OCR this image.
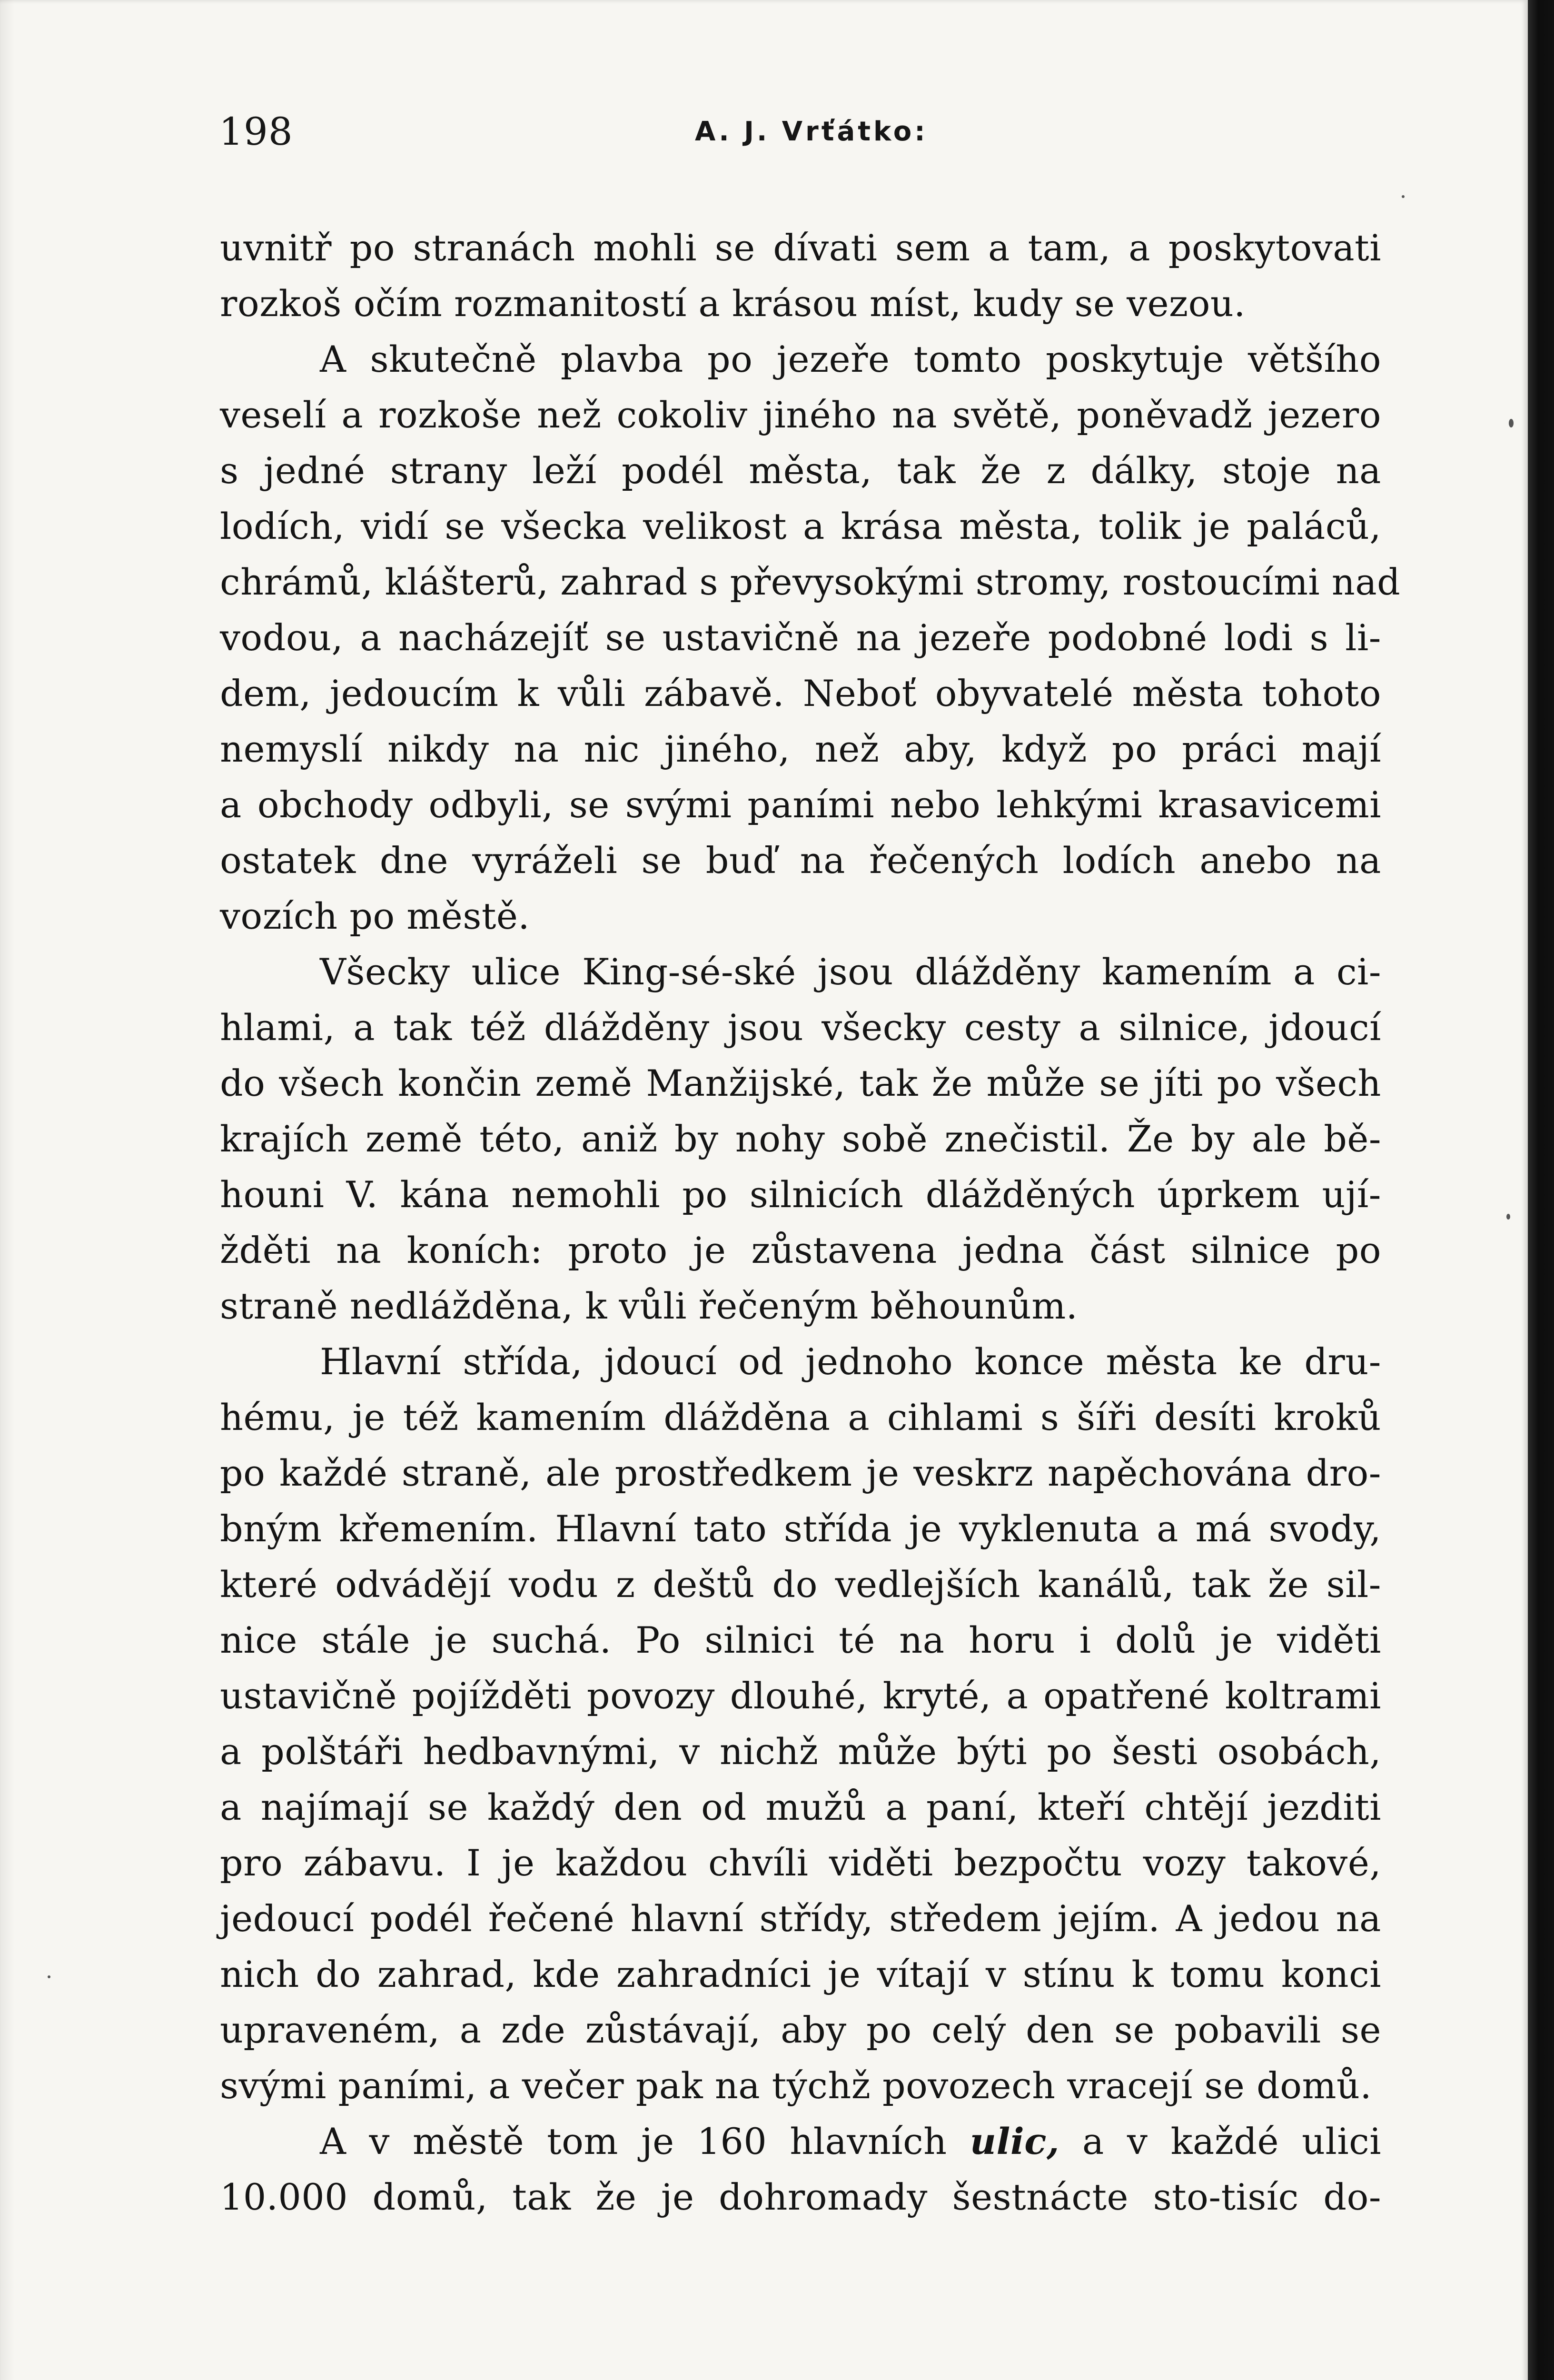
198	A. J. Vrťátko:
uvnitř po stranách mohli se dívati sem a tam, a poskytovati
rozkoš očím rozmanitostí a krásou míst, kudy se vezou.
A skutečně plavba po jezeře tomto poskytuje většího
veselí a rozkoše než cokoliv jiného na světě, poněvadž jezero
s jedné strany leží podél města, tak že z dálky, stoje na
lodích, vidí se všecka velikost a krása města, tolik je paláců,
chrámů, klášterů, zahrad s převysokými stromy, rostoucími nad
vodou, a nacházejíť se ustavičně na jezeře podobné lodi s li-
dem, jedoucím k vůli zábavě. Neboť obyvatelé města tohoto
nemyslí nikdy na nic jiného, než aby, když po práci mají
a obchody odbyli, se svými paními nebo lehkými krasavicemi
ostatek dne vyráželi se buď na řečených lodích anebo na
vozích po městě.
Všecky ulice King-sé-ské jsou dlážděny kamením a ci-
hlami, a tak též dlážděny jsou všecky cesty a silnice, jdoucí
do všech končin země Manžijské, tak že může se jíti po všech
krajích země této, aniž by nohy sobě znečistil. Že by ale bě-
houni V. kána nemohli po silnicích dlážděných úprkem ují-
žděti na koních: proto je zůstavena jedna část silnice po
straně nedlážděna, k vůli řečeným běhounům.
Hlavní střída, jdoucí od jednoho konce města ke dru-
hému, je též kamením dlážděna a cihlami s šíři desíti kroků
po každé straně, ale prostředkem je veskrz napěchována dro-
bným křemením. Hlavní tato střída je vyklenuta a má svody,
které odvádějí vodu z deštů do vedlejších kanálů, tak že sil-
nice stále je suchá. Po silnici té na horu i dolů je viděti
ustavičně pojížděti povozy dlouhé, kryté, a opatřené koltrami
a polštáři hedbavnými, v nichž může býti po šesti osobách,
a najímají se každý den od mužů a paní, kteří chtějí jezditi
pro zábavu. I je každou chvíli viděti bezpočtu vozy takové,
jedoucí podél řečené hlavní střídy, středem jejím. A jedou na
nich do zahrad, kde zahradníci je vítají v stínu k tomu konci
upraveném, a zde zůstávají, aby po celý den se pobavili se
svými paními, a večer pak na týchž povozech vracejí se domů.
A v městě tom je 160 hlavních ulic, a v každé ulici
10.000 domů, tak že je dohromady šestnácte sto-tisíc do-
